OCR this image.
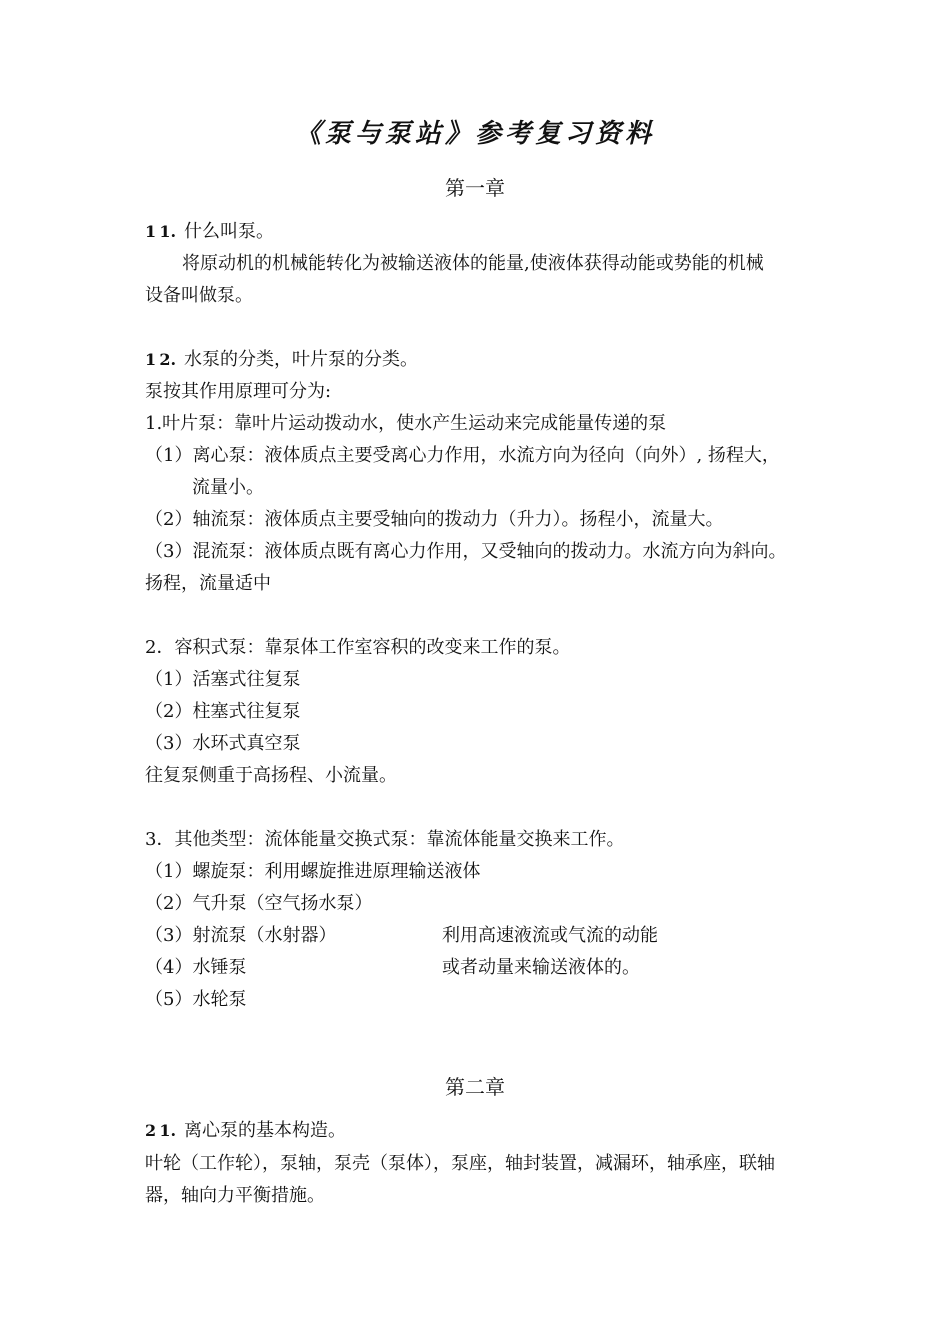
《泵与泵站》参考复习资料
第一章
1 1. 什么叫泵。
将原动机的机械能转化为被输送液体的能量,使液体获得动能或势能的机械
设备叫做泵。
1 2. 水泵的分类，叶片泵的分类。
泵按其作用原理可分为:
1.叶片泵：靠叶片运动拨动水，使水产生运动来完成能量传递的泵
（1）离心泵：液体质点主要受离心力作用，水流方向为径向（向外）, 扬程大，
流量小。
（2）轴流泵：液体质点主要受轴向的拨动力（升力）。扬程小，流量大。
（3）混流泵：液体质点既有离心力作用，又受轴向的拨动力。水流方向为斜向。
扬程，流量适中
2．容积式泵：靠泵体工作室容积的改变来工作的泵。
（1）活塞式往复泵
（2）柱塞式往复泵
（3）水环式真空泵
往复泵侧重于高扬程、小流量。
3．其他类型：流体能量交换式泵：靠流体能量交换来工作。
（1）螺旋泵：利用螺旋推进原理输送液体
（2）气升泵（空气扬水泵）
（3）射流泵（水射器）
（4）水锤泵
（5）水轮泵
利用高速液流或气流的动能
或者动量来输送液体的。
第二章
2 1. 离心泵的基本构造。
叶轮（工作轮），泵轴，泵壳（泵体），泵座，轴封装置，减漏环，轴承座，联轴
器，轴向力平衡措施。
